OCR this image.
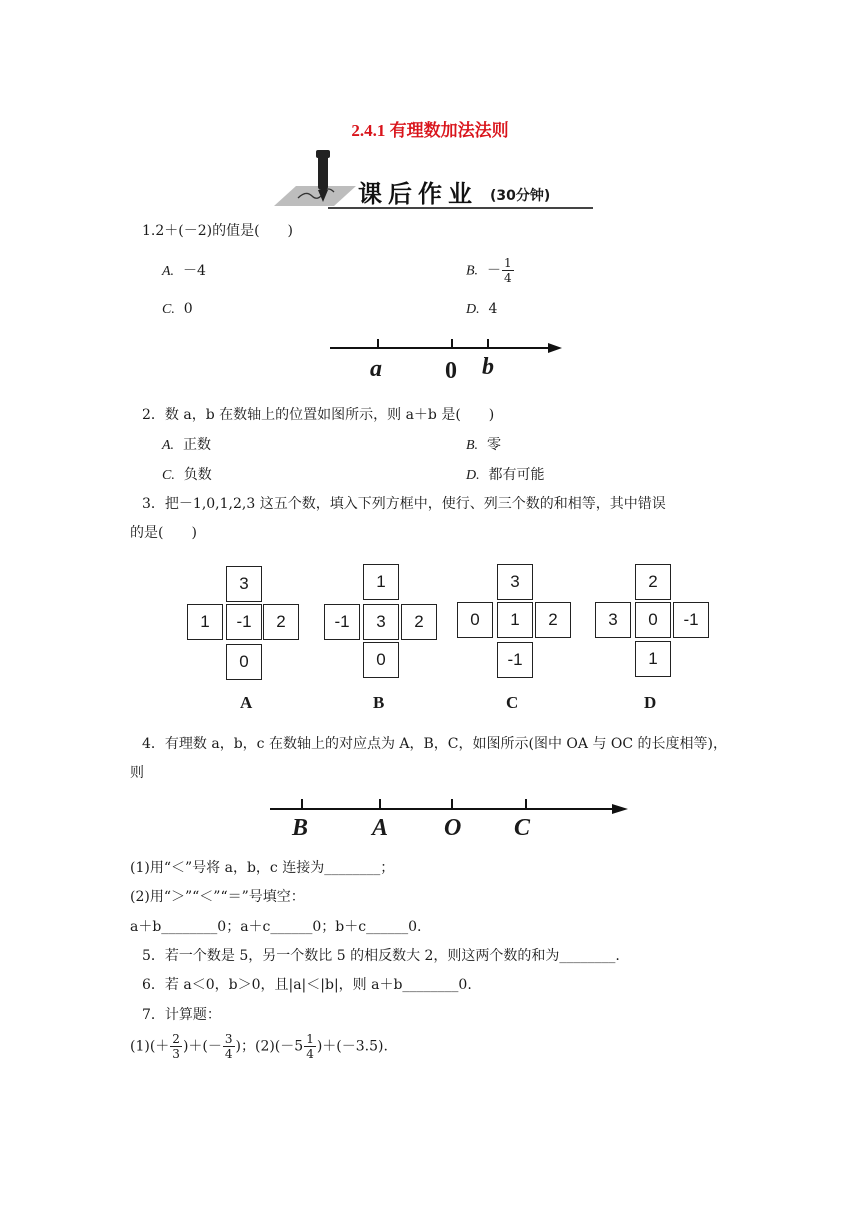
2.4.1 有理数加法法则
课后作业 (30分钟)
1.2＋(－2)的值是(　　)
A. －4	B. － $\frac{1}{4}$
C. 0	D. 4
a	0 b
2．数 a，b 在数轴上的位置如图所示，则 a＋b 是(　　)
A. 正数	B. 零
C. 负数	D. 都有可能
3．把－1,0,1,2,3 这五个数，填入下列方框中，使行、列三个数的和相等，其中错误
的是(　　)
3
1	-1	2
0
A
1
-1	3	2
0
B
3
0	1	2
-1
C
2
3	0	-1
1
D
4．有理数 a，b，c 在数轴上的对应点为 A，B，C，如图所示(图中 OA 与 OC 的长度相等)，
则
B	A O C
(1)用“＜”号将 a，b，c 连接为________；
(2)用“＞”“＜”“＝”号填空：
a＋b________0；a＋c______0；b＋c______0.
5．若一个数是 5，另一个数比 5 的相反数大 2，则这两个数的和为________.
6．若 a＜0，b＞0，且|a|＜|b|，则 a＋b________0.
7．计算题：
$(1)(+ \frac{2}{3}$ )＋(－ $\frac{3}{4}$ )；$(2)(-5 \frac{1}{4} )+(-3.5)$.
